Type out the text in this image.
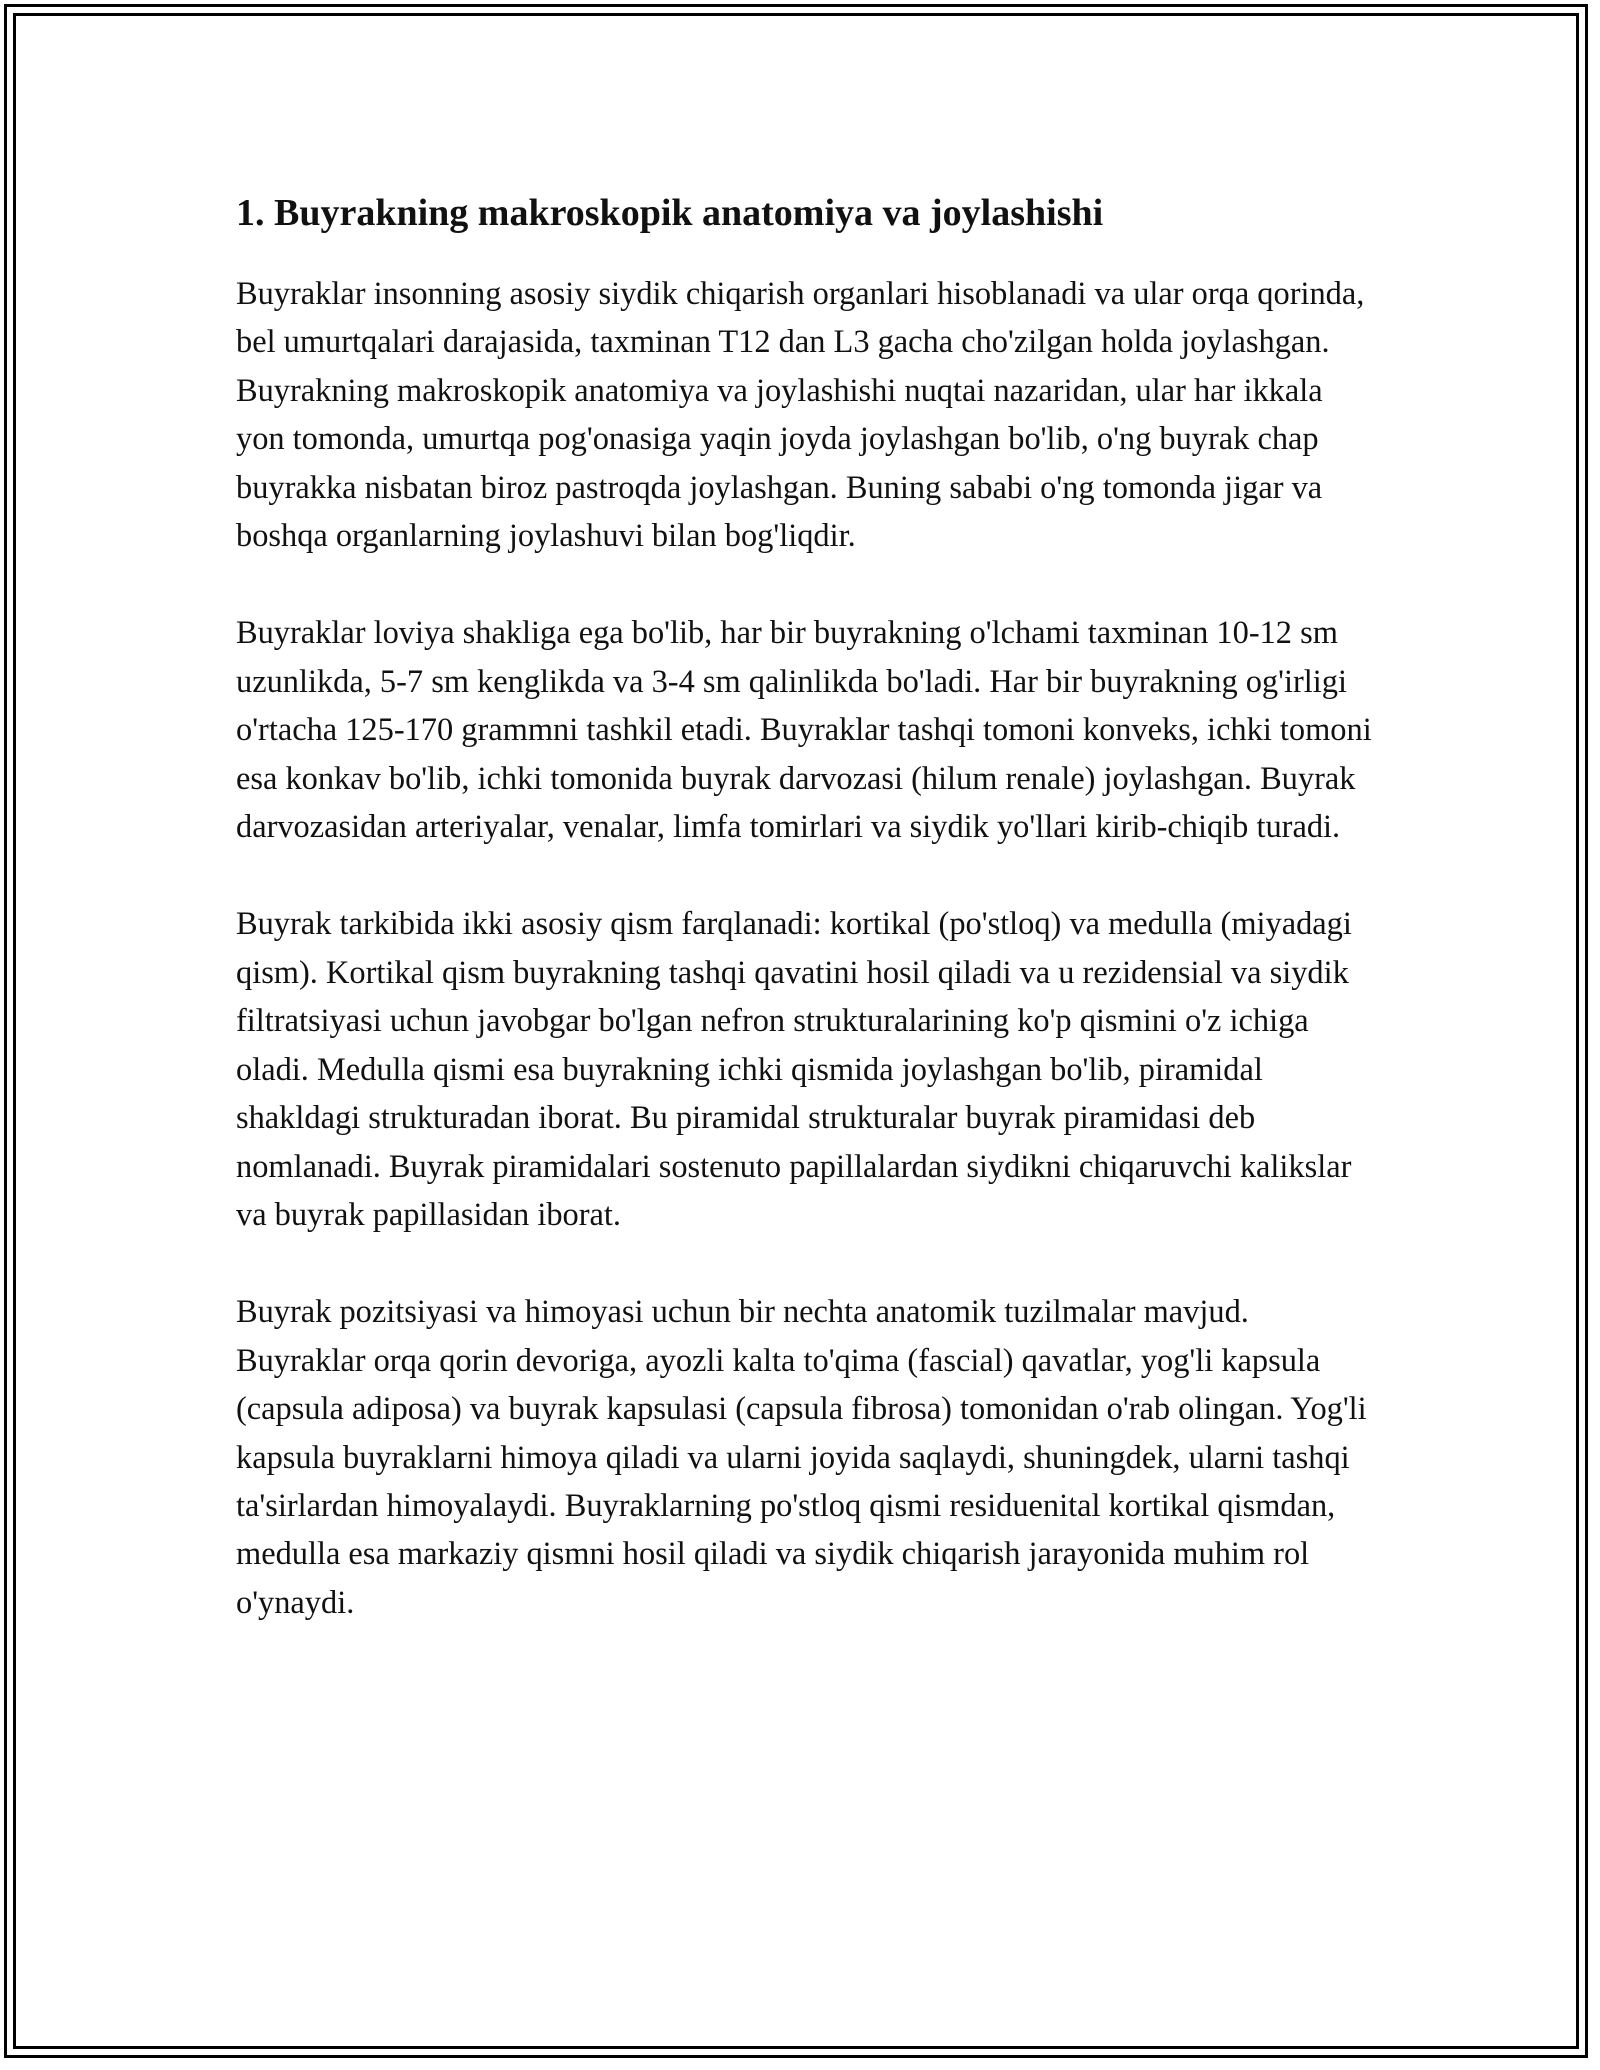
1. Buyrakning makroskopik anatomiya va joylashishi

Buyraklar insonning asosiy siydik chiqarish organlari hisoblanadi va ular orqa qorinda, bel umurtqalari darajasida, taxminan T12 dan L3 gacha cho'zilgan holda joylashgan. Buyrakning makroskopik anatomiya va joylashishi nuqtai nazaridan, ular har ikkala yon tomonda, umurtqa pog'onasiga yaqin joyda joylashgan bo'lib, o'ng buyrak chap buyrakka nisbatan biroz pastroqda joylashgan. Buning sababi o'ng tomonda jigar va boshqa organlarning joylashuvi bilan bog'liqdir.

Buyraklar loviya shakliga ega bo'lib, har bir buyrakning o'lchami taxminan 10-12 sm uzunlikda, 5-7 sm kenglikda va 3-4 sm qalinlikda bo'ladi. Har bir buyrakning og'irligi o'rtacha 125-170 grammni tashkil etadi. Buyraklar tashqi tomoni konveks, ichki tomoni esa konkav bo'lib, ichki tomonida buyrak darvozasi (hilum renale) joylashgan. Buyrak darvozasidan arteriyalar, venalar, limfa tomirlari va siydik yo'llari kirib-chiqib turadi.

Buyrak tarkibida ikki asosiy qism farqlanadi: kortikal (po'stloq) va medulla (miyadagi qism). Kortikal qism buyrakning tashqi qavatini hosil qiladi va u rezidensial va siydik filtratsiyasi uchun javobgar bo'lgan nefron strukturalarining ko'p qismini o'z ichiga oladi. Medulla qismi esa buyrakning ichki qismida joylashgan bo'lib, piramidal shakldagi strukturadan iborat. Bu piramidal strukturalar buyrak piramidasi deb nomlanadi. Buyrak piramidalari sostenuto papillalardan siydikni chiqaruvchi kalikslar va buyrak papillasidan iborat.

Buyrak pozitsiyasi va himoyasi uchun bir nechta anatomik tuzilmalar mavjud. Buyraklar orqa qorin devoriga, ayozli kalta to'qima (fascial) qavatlar, yog'li kapsula (capsula adiposa) va buyrak kapsulasi (capsula fibrosa) tomonidan o'rab olingan. Yog'li kapsula buyraklarni himoya qiladi va ularni joyida saqlaydi, shuningdek, ularni tashqi ta'sirlardan himoyalaydi. Buyraklarning po'stloq qismi residuenital kortikal qismdan, medulla esa markaziy qismni hosil qiladi va siydik chiqarish jarayonida muhim rol o'ynaydi.
